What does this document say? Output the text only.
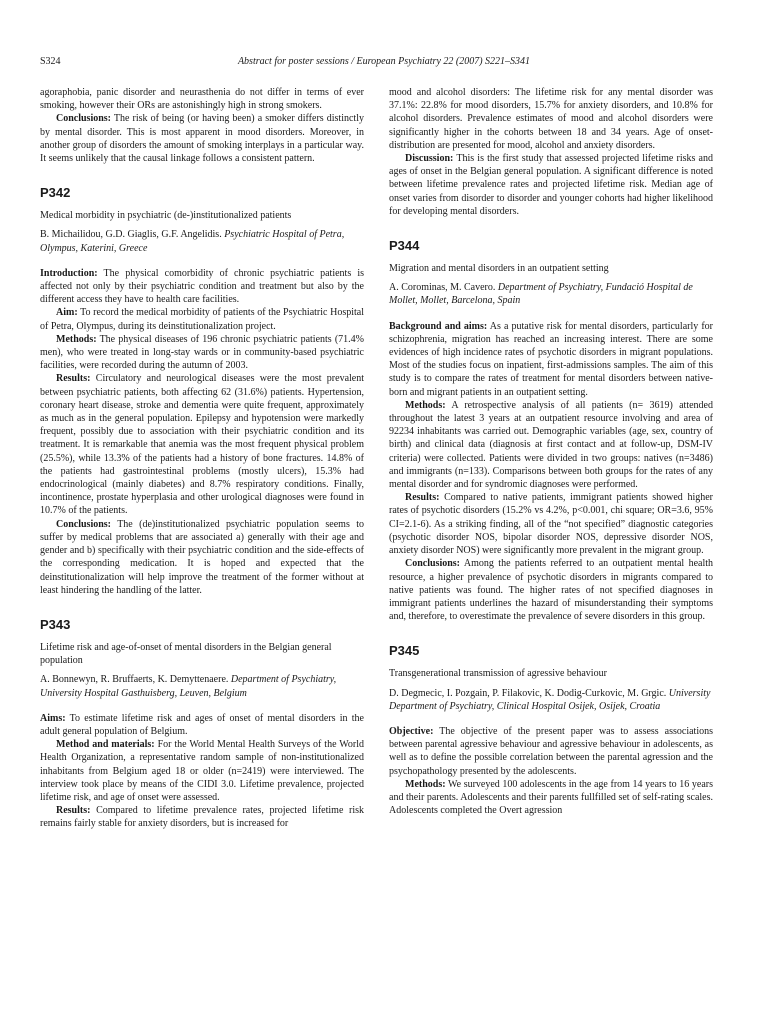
S324	Abstract for poster sessions / European Psychiatry 22 (2007) S221–S341

agoraphobia, panic disorder and neurasthenia do not differ in terms of ever smoking, however their ORs are astonishingly high in strong smokers.

Conclusions: The risk of being (or having been) a smoker differs distinctly by mental disorder. This is most apparent in mood disorders. Moreover, in another group of disorders the amount of smoking interplays in a particular way. It seems unlikely that the causal linkage follows a consistent pattern.

P342

Medical morbidity in psychiatric (de-)institutionalized patients

B. Michailidou, G.D. Giaglis, G.F. Angelidis. Psychiatric Hospital of Petra, Olympus, Katerini, Greece

Introduction: The physical comorbidity of chronic psychiatric patients is affected not only by their psychiatric condition and treatment but also by the different access they have to health care facilities.

Aim: To record the medical morbidity of patients of the Psychiatric Hospital of Petra, Olympus, during its deinstitutionalization project.

Methods: The physical diseases of 196 chronic psychiatric patients (71.4% men), who were treated in long-stay wards or in community-based psychiatric facilities, were recorded during the autumn of 2003.

Results: Circulatory and neurological diseases were the most prevalent between psychiatric patients, both affecting 62 (31.6%) patients. Hypertension, coronary heart disease, stroke and dementia were quite frequent, approximately as much as in the general population. Epilepsy and hypotension were markedly frequent, possibly due to association with their psychiatric condition and its treatment. It is remarkable that anemia was the most frequent physical problem (25.5%), while 13.3% of the patients had a history of bone fractures. 14.8% of the patients had gastrointestinal problems (mostly ulcers), 15.3% had endocrinological (mainly diabetes) and 8.7% respiratory conditions. Finally, incontinence, prostate hyperplasia and other urological diagnoses were found in 10.7% of the patients.

Conclusions: The (de)institutionalized psychiatric population seems to suffer by medical problems that are associated a) generally with their age and gender and b) specifically with their psychiatric condition and the side-effects of the corresponding medication. It is hoped and expected that the deinstitutionalization will help improve the treatment of the former without at least hindering the handling of the latter.

P343

Lifetime risk and age-of-onset of mental disorders in the Belgian general population

A. Bonnewyn, R. Bruffaerts, K. Demyttenaere. Department of Psychiatry, University Hospital Gasthuisberg, Leuven, Belgium

Aims: To estimate lifetime risk and ages of onset of mental disorders in the adult general population of Belgium.

Method and materials: For the World Mental Health Surveys of the World Health Organization, a representative random sample of non-institutionalized inhabitants from Belgium aged 18 or older (n=2419) were interviewed. The interview took place by means of the CIDI 3.0. Lifetime prevalence, projected lifetime risk, and age of onset were assessed.

Results: Compared to lifetime prevalence rates, projected lifetime risk remains fairly stable for anxiety disorders, but is increased for

mood and alcohol disorders: The lifetime risk for any mental disorder was 37.1%: 22.8% for mood disorders, 15.7% for anxiety disorders, and 10.8% for alcohol disorders. Prevalence estimates of mood and alcohol disorders were significantly higher in the cohorts between 18 and 34 years. Age of onset-distribution are presented for mood, alcohol and anxiety disorders.

Discussion: This is the first study that assessed projected lifetime risks and ages of onset in the Belgian general population. A significant difference is noted between lifetime prevalence rates and projected lifetime risk. Median age of onset varies from disorder to disorder and younger cohorts had higher likelihood for developing mental disorders.

P344

Migration and mental disorders in an outpatient setting

A. Corominas, M. Cavero. Department of Psychiatry, Fundació Hospital de Mollet, Mollet, Barcelona, Spain

Background and aims: As a putative risk for mental disorders, particularly for schizophrenia, migration has reached an increasing interest. There are some evidences of high incidence rates of psychotic disorders in migrant populations. Most of the studies focus on inpatient, first-admissions samples. The aim of this study is to compare the rates of treatment for mental disorders between native-born and migrant patients in an outpatient setting.

Methods: A retrospective analysis of all patients (n= 3619) attended throughout the latest 3 years at an outpatient resource involving and area of 92234 inhabitants was carried out. Demographic variables (age, sex, country of birth) and clinical data (diagnosis at first contact and at follow-up, DSM-IV criteria) were collected. Patients were divided in two groups: natives (n=3486) and immigrants (n=133). Comparisons between both groups for the rates of any mental disorder and for syndromic diagnoses were performed.

Results: Compared to native patients, immigrant patients showed higher rates of psychotic disorders (15.2% vs 4.2%, p<0.001, chi square; OR=3.6, 95% CI=2.1-6). As a striking finding, all of the “not specified” diagnostic categories (psychotic disorder NOS, bipolar disorder NOS, depressive disorder NOS, anxiety disorder NOS) were significantly more prevalent in the migrant group.

Conclusions: Among the patients referred to an outpatient mental health resource, a higher prevalence of psychotic disorders in migrants compared to native patients was found. The higher rates of not specified diagnoses in immigrant patients underlines the hazard of misunderstanding their symptoms and, therefore, to overestimate the prevalence of severe disorders in this group.

P345

Transgenerational transmission of agressive behaviour

D. Degmecic, I. Pozgain, P. Filakovic, K. Dodig-Curkovic, M. Grgic. University Department of Psychiatry, Clinical Hospital Osijek, Osijek, Croatia

Objective: The objective of the present paper was to assess associations between parental agressive behaviour and agressive behaviour in adolescents, as well as to define the possible correlation between the parental agression and the psychopathology presented by the adolescents.

Methods: We surveyed 100 adolescents in the age from 14 years to 16 years and their parents. Adolescents and their parents fullfilled set of self-rating scales. Adolescents completed the Overt agression
